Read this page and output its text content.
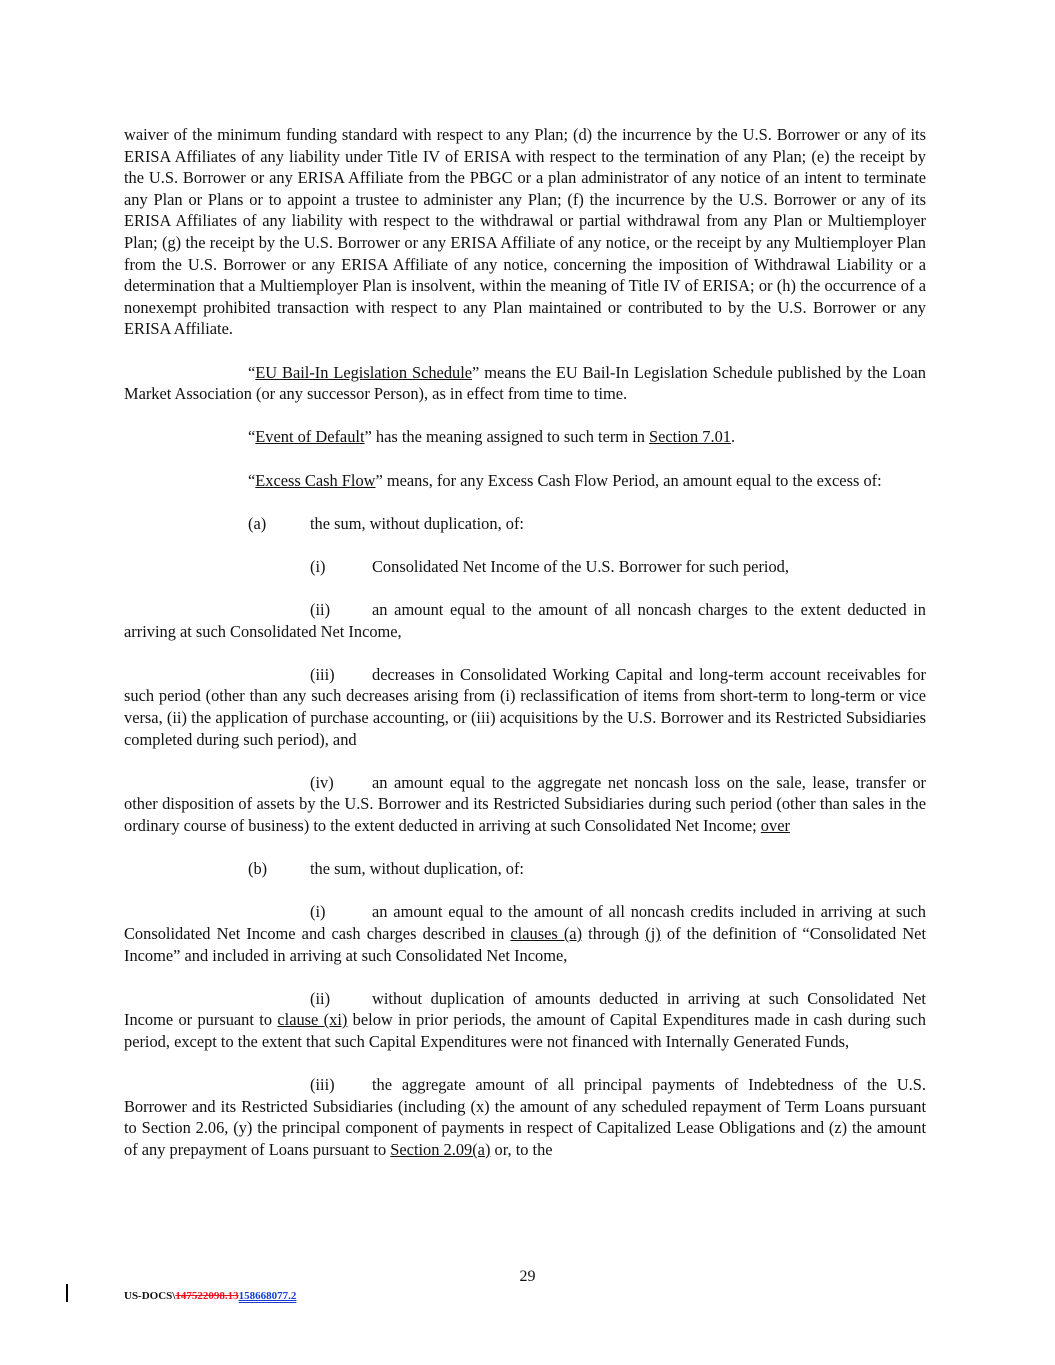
waiver of the minimum funding standard with respect to any Plan; (d) the incurrence by the U.S. Borrower or any of its ERISA Affiliates of any liability under Title IV of ERISA with respect to the termination of any Plan; (e) the receipt by the U.S. Borrower or any ERISA Affiliate from the PBGC or a plan administrator of any notice of an intent to terminate any Plan or Plans or to appoint a trustee to administer any Plan; (f) the incurrence by the U.S. Borrower or any of its ERISA Affiliates of any liability with respect to the withdrawal or partial withdrawal from any Plan or Multiemployer Plan; (g) the receipt by the U.S. Borrower or any ERISA Affiliate of any notice, or the receipt by any Multiemployer Plan from the U.S. Borrower or any ERISA Affiliate of any notice, concerning the imposition of Withdrawal Liability or a determination that a Multiemployer Plan is insolvent, within the meaning of Title IV of ERISA; or (h) the occurrence of a nonexempt prohibited transaction with respect to any Plan maintained or contributed to by the U.S. Borrower or any ERISA Affiliate.

“EU Bail-In Legislation Schedule” means the EU Bail-In Legislation Schedule published by the Loan Market Association (or any successor Person), as in effect from time to time.

“Event of Default” has the meaning assigned to such term in Section 7.01.

“Excess Cash Flow” means, for any Excess Cash Flow Period, an amount equal to the excess of:

(a)	the sum, without duplication, of:
(i)	Consolidated Net Income of the U.S. Borrower for such period,

(ii)	an amount equal to the amount of all noncash charges to the extent deducted in arriving at such Consolidated Net Income,

(iii) decreases in Consolidated Working Capital and long-term account receivables for such period (other than any such decreases arising from (i) reclassification of items from short-term to long-term or vice versa, (ii) the application of purchase accounting, or (iii) acquisitions by the U.S. Borrower and its Restricted Subsidiaries completed during such period), and

(iv) an amount equal to the aggregate net noncash loss on the sale, lease, transfer or other disposition of assets by the U.S. Borrower and its Restricted Subsidiaries during such period (other than sales in the ordinary course of business) to the extent deducted in arriving at such Consolidated Net Income; over

(b)	the sum, without duplication, of:

(i)	an amount equal to the amount of all noncash credits included in arriving at such Consolidated Net Income and cash charges described in clauses (a) through (j) of the definition of “Consolidated Net Income” and included in arriving at such Consolidated Net Income,

(ii)	without duplication of amounts deducted in arriving at such Consolidated Net Income or pursuant to clause (xi) below in prior periods, the amount of Capital Expenditures made in cash during such period, except to the extent that such Capital Expenditures were not financed with Internally Generated Funds,

(iii) the aggregate amount of all principal payments of Indebtedness of the U.S. Borrower and its Restricted Subsidiaries (including (x) the amount of any scheduled repayment of Term Loans pursuant to Section 2.06, (y) the principal component of payments in respect of Capitalized Lease Obligations and (z) the amount of any prepayment of Loans pursuant to Section 2.09(a) or, to the

29
US-DOCS\147522098.13158668077.2
